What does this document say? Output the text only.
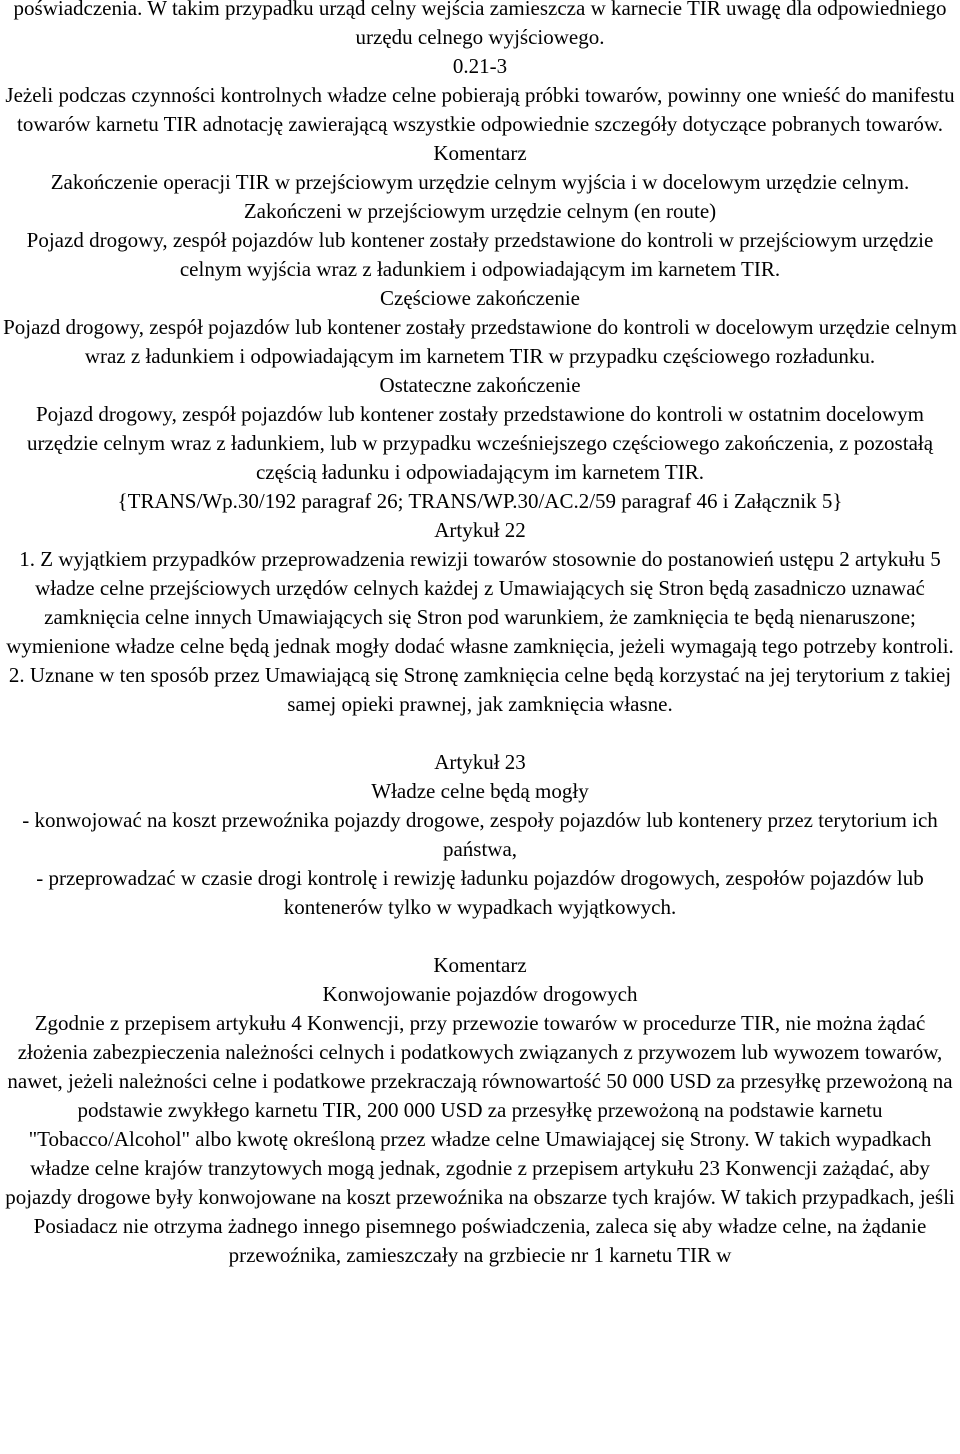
poświadczenia. W takim przypadku urząd celny wejścia zamieszcza w karnecie TIR uwagę dla odpowiedniego urzędu celnego wyjściowego.

0.21-3

Jeżeli podczas czynności kontrolnych władze celne pobierają próbki towarów, powinny one wnieść do manifestu towarów karnetu TIR adnotację zawierającą wszystkie odpowiednie szczegóły dotyczące pobranych towarów.

Komentarz

Zakończenie operacji TIR w przejściowym urzędzie celnym wyjścia i w docelowym urzędzie celnym.

Zakończeni w przejściowym urzędzie celnym (en route)

Pojazd drogowy, zespół pojazdów lub kontener zostały przedstawione do kontroli w przejściowym urzędzie celnym wyjścia wraz z ładunkiem i odpowiadającym im karnetem TIR.

Częściowe zakończenie

Pojazd drogowy, zespół pojazdów lub kontener zostały przedstawione do kontroli w docelowym urzędzie celnym wraz z ładunkiem i odpowiadającym im karnetem TIR w przypadku częściowego rozładunku.

Ostateczne zakończenie

Pojazd drogowy, zespół pojazdów lub kontener zostały przedstawione do kontroli w ostatnim docelowym urzędzie celnym wraz z ładunkiem, lub w przypadku wcześniejszego częściowego zakończenia, z pozostałą częścią ładunku i odpowiadającym im karnetem TIR.

{TRANS/Wp.30/192 paragraf 26; TRANS/WP.30/AC.2/59 paragraf 46 i Załącznik 5}

Artykuł 22

1. Z wyjątkiem przypadków przeprowadzenia rewizji towarów stosownie do postanowień ustępu 2 artykułu 5 władze celne przejściowych urzędów celnych każdej z Umawiających się Stron będą zasadniczo uznawać zamknięcia celne innych Umawiających się Stron pod warunkiem, że zamknięcia te będą nienaruszone; wymienione władze celne będą jednak mogły dodać własne zamknięcia, jeżeli wymagają tego potrzeby kontroli.

2. Uznane w ten sposób przez Umawiającą się Stronę zamknięcia celne będą korzystać na jej terytorium z takiej samej opieki prawnej, jak zamknięcia własne.

Artykuł 23

Władze celne będą mogły

- konwojować na koszt przewoźnika pojazdy drogowe, zespoły pojazdów lub kontenery przez terytorium ich państwa,

- przeprowadzać w czasie drogi kontrolę i rewizję ładunku pojazdów drogowych, zespołów pojazdów lub kontenerów tylko w wypadkach wyjątkowych.

Komentarz

Konwojowanie pojazdów drogowych

Zgodnie z przepisem artykułu 4 Konwencji, przy przewozie towarów w procedurze TIR, nie można żądać złożenia zabezpieczenia należności celnych i podatkowych związanych z przywozem lub wywozem towarów, nawet, jeżeli należności celne i podatkowe przekraczają równowartość 50 000 USD za przesyłkę przewożoną na podstawie zwykłego karnetu TIR, 200 000 USD za przesyłkę przewożoną na podstawie karnetu "Tobacco/Alcohol" albo kwotę określoną przez władze celne Umawiającej się Strony. W takich wypadkach władze celne krajów tranzytowych mogą jednak, zgodnie z przepisem artykułu 23 Konwencji zażądać, aby pojazdy drogowe były konwojowane na koszt przewoźnika na obszarze tych krajów. W takich przypadkach, jeśli Posiadacz nie otrzyma żadnego innego pisemnego poświadczenia, zaleca się aby władze celne, na żądanie przewoźnika, zamieszczały na grzbiecie nr 1 karnetu TIR w
